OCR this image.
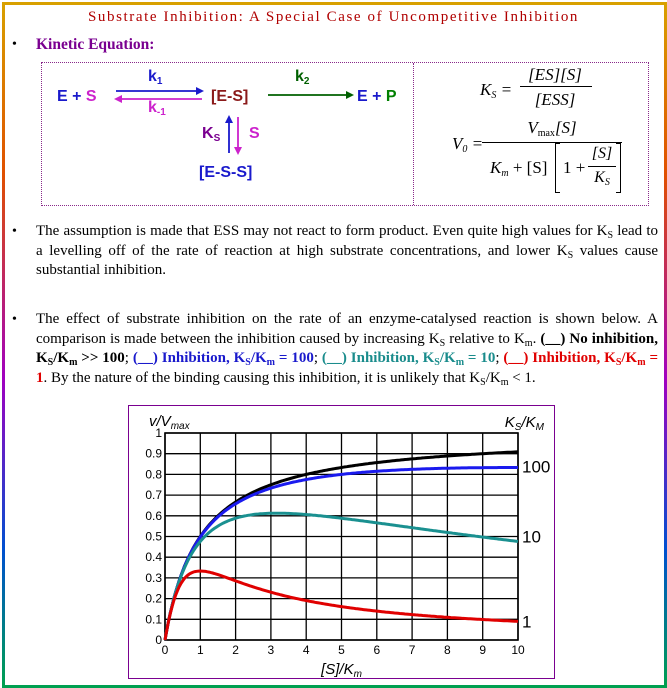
Substrate Inhibition: A Special Case of Uncompetitive Inhibition
• Kinetic Equation:
E + S
$k_1$
$k_{-1}$
[E-S]
$k_2$
E + P
$K_S$ S
[E-S-S]
$K_S$ =
[ES][S]
[ESS]
$V_0$ =
$V_{max}[S]$
$K_m + [S] 1$ +
[S]
$K_S$
• The assumption is made that ESS may not react to form product. Even quite high values for $K_S$ lead to a levelling off of the rate of reaction at high substrate concentrations, and lower $K_S$ values cause substantial inhibition.
• The effect of substrate inhibition on the rate of an enzyme-catalysed reaction is shown below. A comparison is made between the inhibition caused by increasing $K_S$ relative to $K_m$. (__) No inhibition, $K_S/K_m >> 100$; (__) Inhibition, $K_S/K_m = 100$; (__) Inhibition, $K_S/K_m = 10$; (__) Inhibition, $K_S/K_m = 1$. By the nature of the binding causing this inhibition, it is unlikely that $K_S/K_m < 1$.
0 1 2 3 4 5 6 7 8 9 10
0
0.1
0.2
0.3
0.4
0.5
0.6
0.7
0.8
0.9
1
100
10
1
$v/V_{max}$	$K_S/K_M$
$[S]/K_m$
